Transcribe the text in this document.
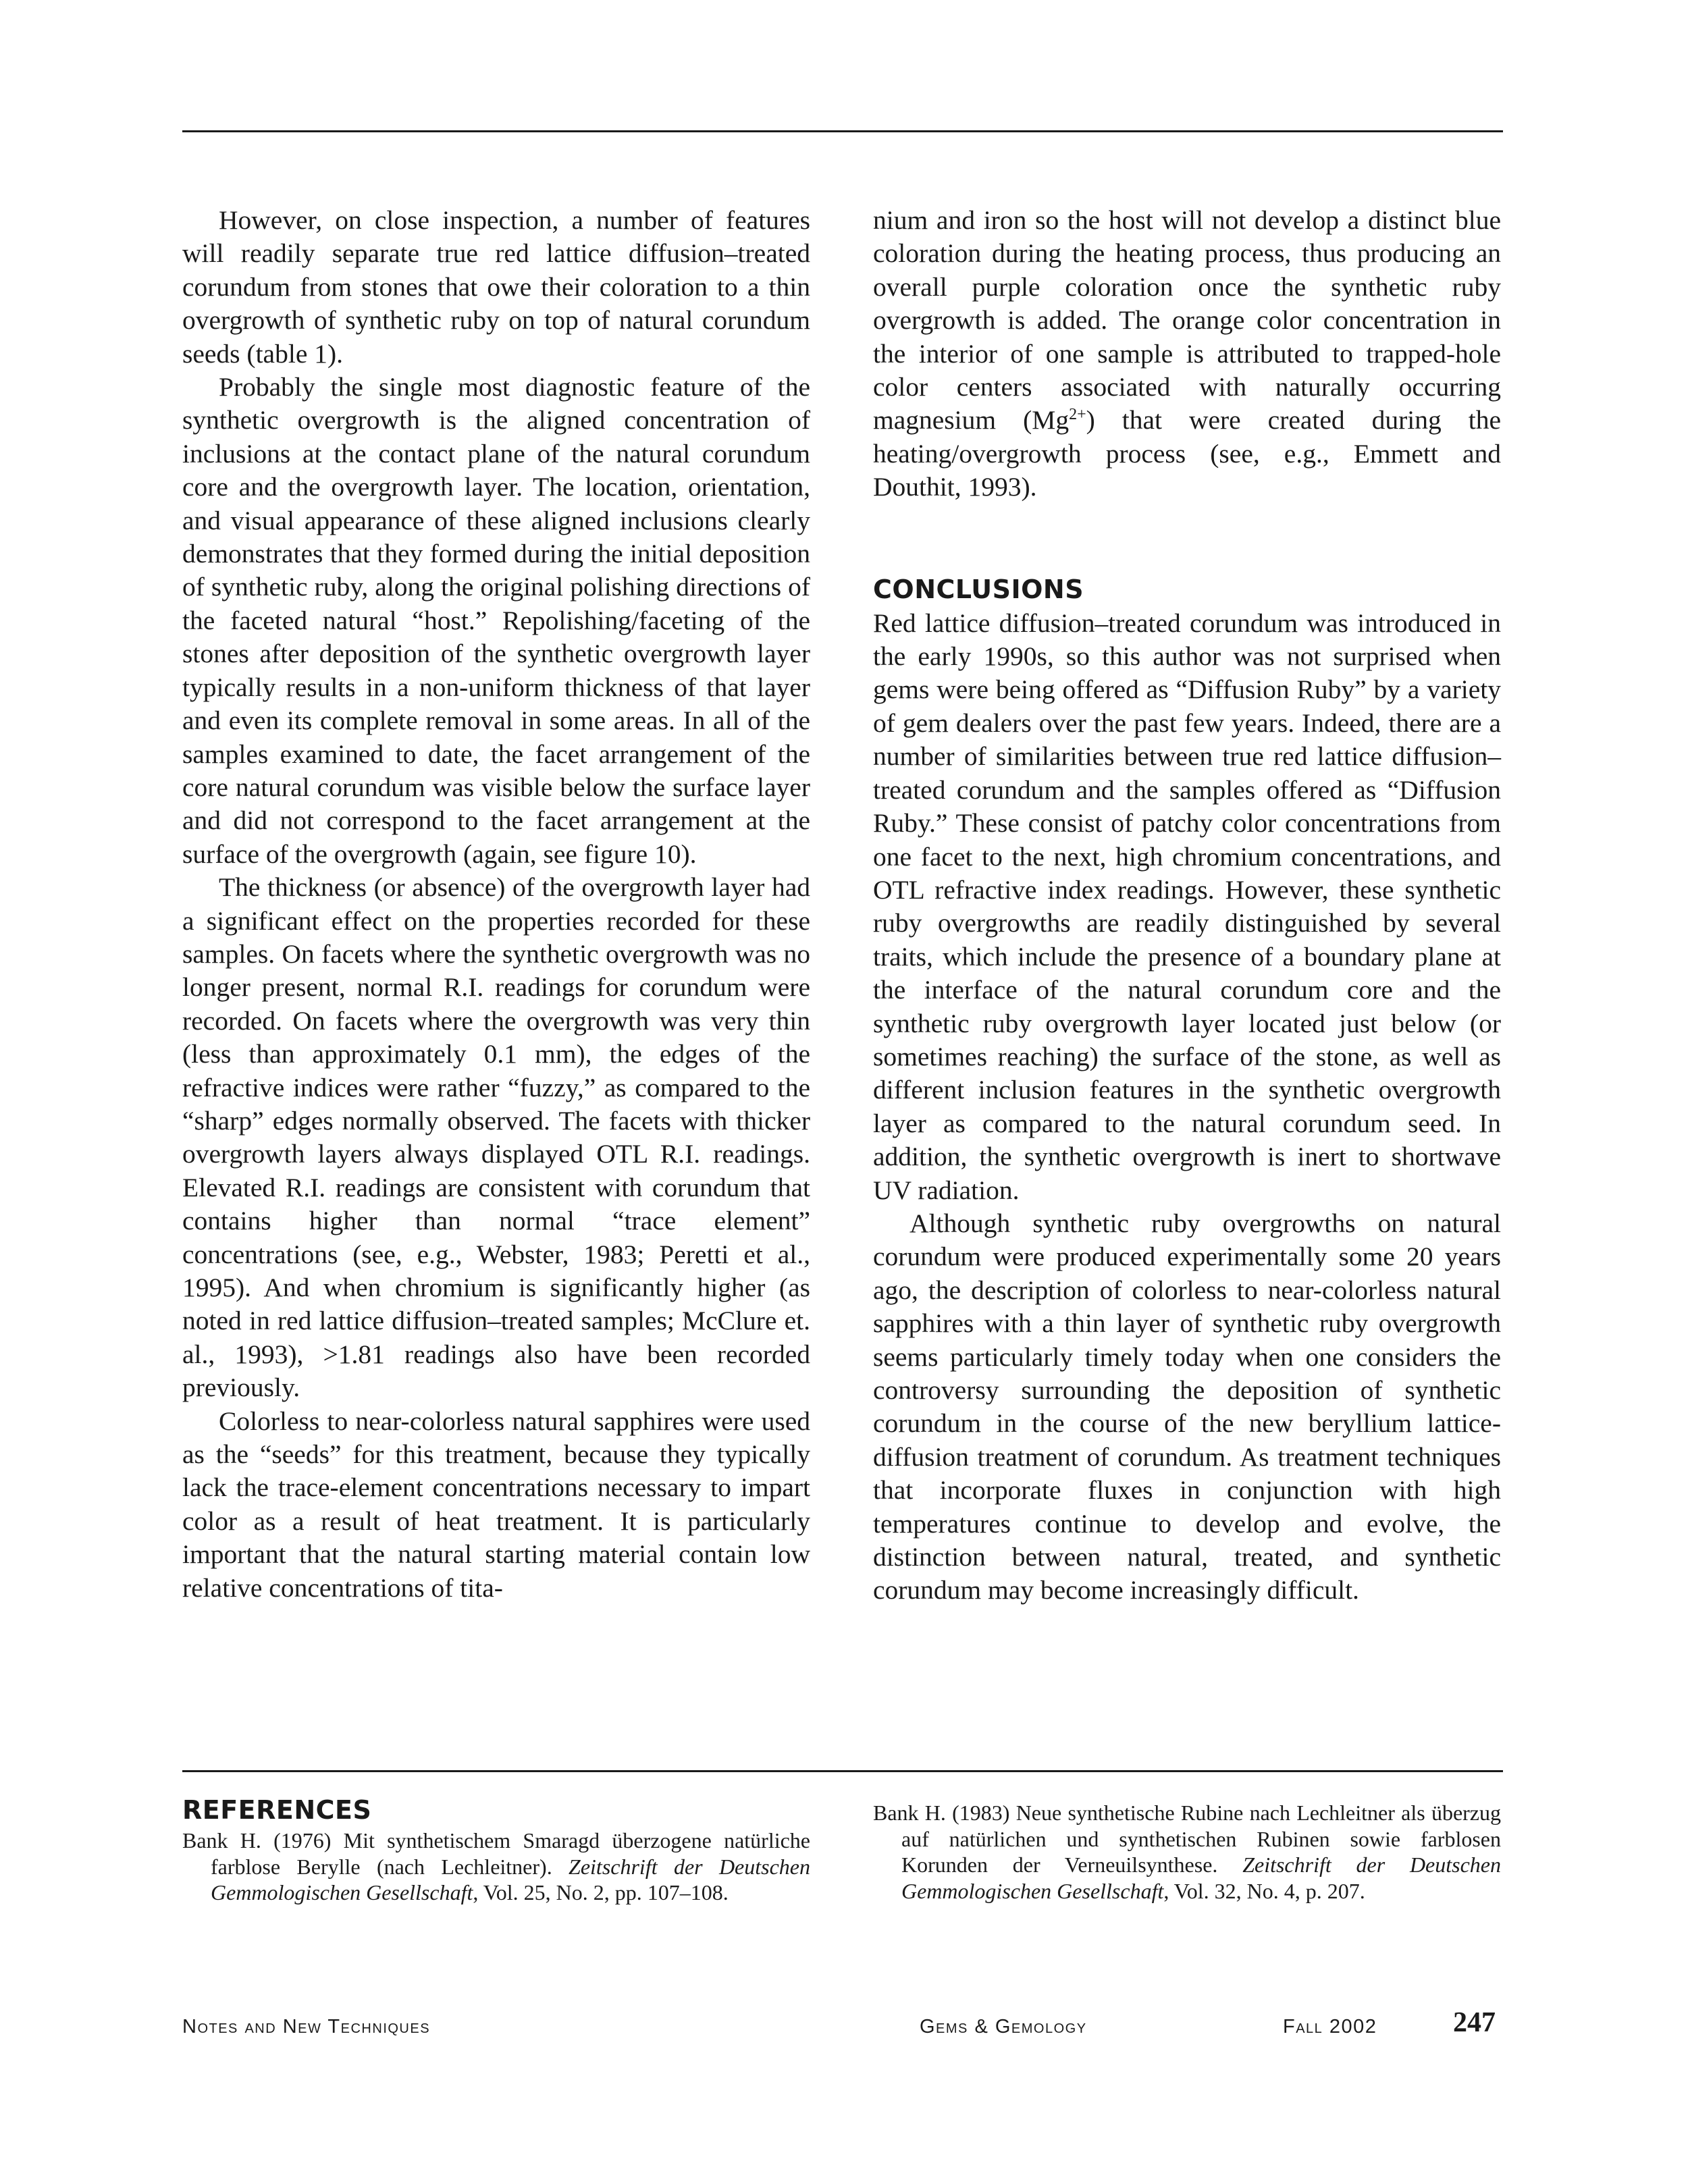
However, on close inspection, a number of features will readily separate true red lattice diffusion–treated corundum from stones that owe their coloration to a thin overgrowth of synthetic ruby on top of natural corundum seeds (table 1).

Probably the single most diagnostic feature of the synthetic overgrowth is the aligned concentration of inclusions at the contact plane of the natural corundum core and the overgrowth layer. The location, orientation, and visual appearance of these aligned inclusions clearly demonstrates that they formed during the initial deposition of synthetic ruby, along the original polishing directions of the faceted natural “host.” Repolishing/faceting of the stones after deposition of the synthetic overgrowth layer typically results in a non-uniform thickness of that layer and even its complete removal in some areas. In all of the samples examined to date, the facet arrangement of the core natural corundum was visible below the surface layer and did not correspond to the facet arrangement at the surface of the overgrowth (again, see figure 10).

The thickness (or absence) of the overgrowth layer had a significant effect on the properties recorded for these samples. On facets where the synthetic overgrowth was no longer present, normal R.I. readings for corundum were recorded. On facets where the overgrowth was very thin (less than approximately 0.1 mm), the edges of the refractive indices were rather “fuzzy,” as compared to the “sharp” edges normally observed. The facets with thicker overgrowth layers always displayed OTL R.I. readings. Elevated R.I. readings are consistent with corundum that contains higher than normal “trace element” concentrations (see, e.g., Webster, 1983; Peretti et al., 1995). And when chromium is significantly higher (as noted in red lattice diffusion–treated samples; McClure et. al., 1993), >1.81 readings also have been recorded previously.

Colorless to near-colorless natural sapphires were used as the “seeds” for this treatment, because they typically lack the trace-element concentrations necessary to impart color as a result of heat treatment. It is particularly important that the natural starting material contain low relative concentrations of tita-

nium and iron so the host will not develop a distinct blue coloration during the heating process, thus producing an overall purple coloration once the synthetic ruby overgrowth is added. The orange color concentration in the interior of one sample is attributed to trapped-hole color centers associated with naturally occurring magnesium $(Mg^{2+})$ that were created during the heating/overgrowth process (see, e.g., Emmett and Douthit, 1993).

CONCLUSIONS

Red lattice diffusion–treated corundum was introduced in the early 1990s, so this author was not surprised when gems were being offered as “Diffusion Ruby” by a variety of gem dealers over the past few years. Indeed, there are a number of similarities between true red lattice diffusion–treated corundum and the samples offered as “Diffusion Ruby.” These consist of patchy color concentrations from one facet to the next, high chromium concentrations, and OTL refractive index readings. However, these synthetic ruby overgrowths are readily distinguished by several traits, which include the presence of a boundary plane at the interface of the natural corundum core and the synthetic ruby overgrowth layer located just below (or sometimes reaching) the surface of the stone, as well as different inclusion features in the synthetic overgrowth layer as compared to the natural corundum seed. In addition, the synthetic overgrowth is inert to shortwave UV radiation.

Although synthetic ruby overgrowths on natural corundum were produced experimentally some 20 years ago, the description of colorless to near-colorless natural sapphires with a thin layer of synthetic ruby overgrowth seems particularly timely today when one considers the controversy surrounding the deposition of synthetic corundum in the course of the new beryllium lattice-diffusion treatment of corundum. As treatment techniques that incorporate fluxes in conjunction with high temperatures continue to develop and evolve, the distinction between natural, treated, and synthetic corundum may become increasingly difficult.

REFERENCES

Bank H. (1976) Mit synthetischem Smaragd überzogene natürliche farblose Berylle (nach Lechleitner). Zeitschrift der Deutschen Gemmologischen Gesellschaft, Vol. 25, No. 2, pp. 107–108.

Bank H. (1983) Neue synthetische Rubine nach Lechleitner als überzug auf natürlichen und synthetischen Rubinen sowie farblosen Korunden der Verneuilsynthese. Zeitschrift der Deutschen Gemmologischen Gesellschaft, Vol. 32, No. 4, p. 207.

Notes and New Techniques	Gems & Gemology	Fall 2002	247
